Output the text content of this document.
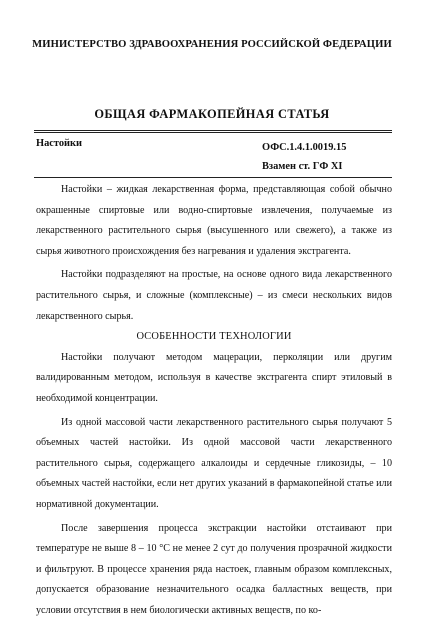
МИНИСТЕРСТВО ЗДРАВООХРАНЕНИЯ РОССИЙСКОЙ ФЕДЕРАЦИИ
ОБЩАЯ ФАРМАКОПЕЙНАЯ СТАТЬЯ
Настойки	ОФС.1.4.1.0019.15
Взамен ст. ГФ XI

Настойки – жидкая лекарственная форма, представляющая собой обычно окрашенные спиртовые или водно-спиртовые извлечения, получаемые из лекарственного растительного сырья (высушенного или свежего), а также из сырья животного происхождения без нагревания и удаления экстрагента.

Настойки подразделяют на простые, на основе одного вида лекарственного растительного сырья, и сложные (комплексные) – из смеси нескольких видов лекарственного сырья.

ОСОБЕННОСТИ ТЕХНОЛОГИИ

Настойки получают методом мацерации, перколяции или другим валидированным методом, используя в качестве экстрагента спирт этиловый в необходимой концентрации.

Из одной массовой части лекарственного растительного сырья получают 5 объемных частей настойки. Из одной массовой части лекарственного растительного сырья, содержащего алкалоиды и сердечные гликозиды, – 10 объемных частей настойки, если нет других указаний в фармакопейной статье или нормативной документации.

После завершения процесса экстракции настойки отстаивают при температуре не выше 8 – 10 °С не менее 2 сут до получения прозрачной жидкости и фильтруют. В процессе хранения ряда настоек, главным образом комплексных, допускается образование незначительного осадка балластных веществ, при условии отсутствия в нем биологически активных веществ, по ко-
